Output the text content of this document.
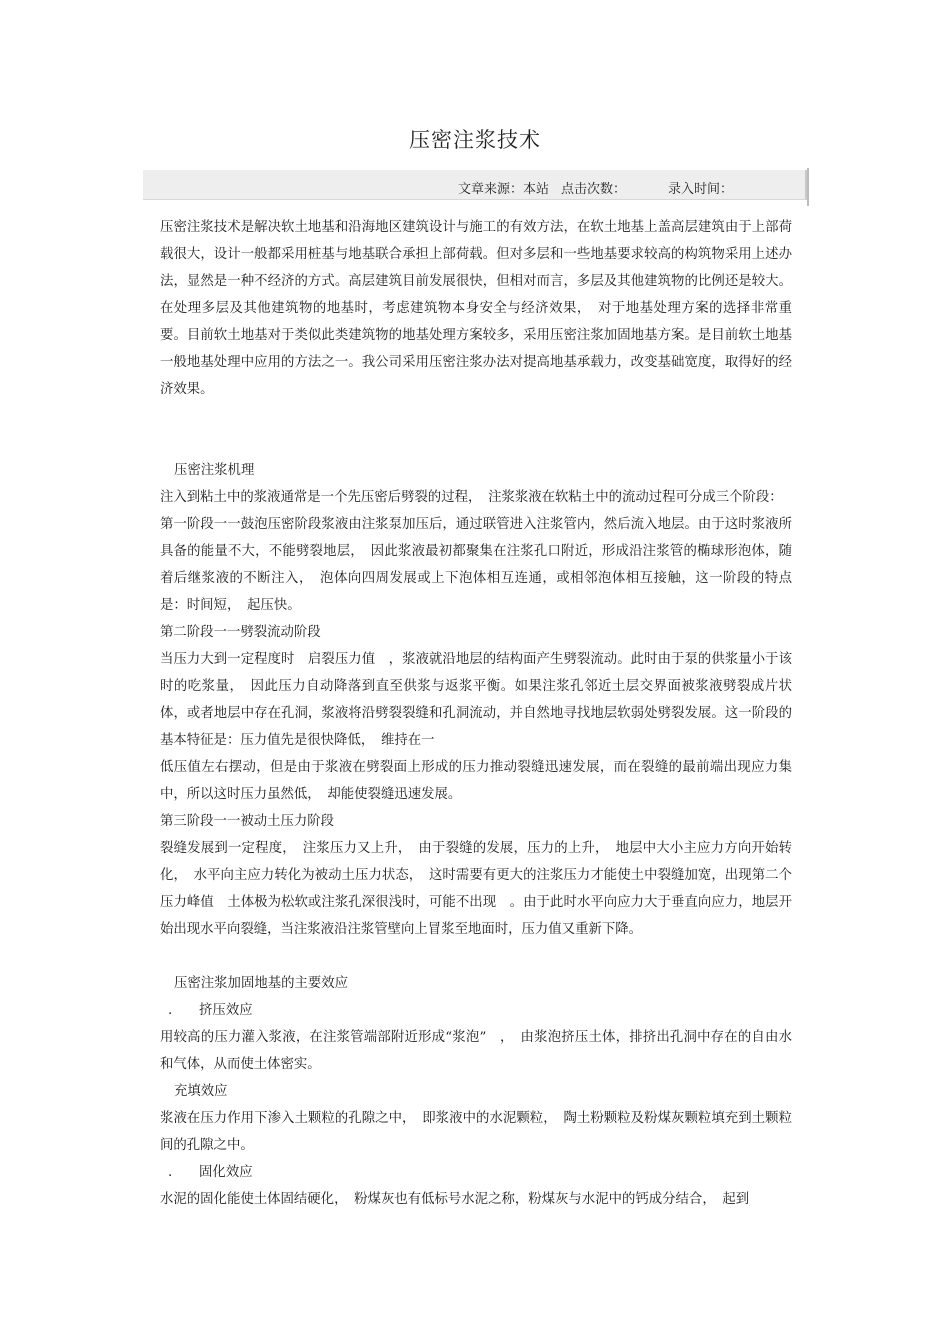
压密注浆技术
文章来源：本站 点击次数：	录入时间：

压密注浆技术是解决软土地基和沿海地区建筑设计与施工的有效方法，在软土地基上盖高层建筑由于上部荷载很大，设计一般都采用桩基与地基联合承担上部荷载。但对多层和一些地基要求较高的构筑物采用上述办法，显然是一种不经济的方式。高层建筑目前发展很快，但相对而言，多层及其他建筑物的比例还是较大。在处理多层及其他建筑物的地基时，考虑建筑物本身安全与经济效果，　对于地基处理方案的选择非常重要。目前软土地基对于类似此类建筑物的地基处理方案较多，采用压密注浆加固地基方案。是目前软土地基一般地基处理中应用的方法之一。我公司采用压密注浆办法对提高地基承载力，改变基础宽度，取得好的经济效果。

压密注浆机理

注入到粘土中的浆液通常是一个先压密后劈裂的过程，　注浆浆液在软粘土中的流动过程可分成三个阶段：

第一阶段一一鼓泡压密阶段浆液由注浆泵加压后，通过联管进入注浆管内，然后流入地层。由于这时浆液所具备的能量不大，不能劈裂地层，　因此浆液最初都聚集在注浆孔口附近，形成沿注浆管的椭球形泡体，随着后继浆液的不断注入，　泡体向四周发展或上下泡体相互连通，或相邻泡体相互接触，这一阶段的特点是：时间短，　起压快。

第二阶段一一劈裂流动阶段

当压力大到一定程度时　启裂压力值　，浆液就沿地层的结构面产生劈裂流动。此时由于泵的供浆量小于该时的吃浆量，　因此压力自动降落到直至供浆与返浆平衡。如果注浆孔邻近土层交界面被浆液劈裂成片状体，或者地层中存在孔洞，浆液将沿劈裂裂缝和孔洞流动，并自然地寻找地层软弱处劈裂发展。这一阶段的基本特征是：压力值先是很快降低，　维持在一

低压值左右摆动，但是由于浆液在劈裂面上形成的压力推动裂缝迅速发展，而在裂缝的最前端出现应力集中，所以这时压力虽然低，　却能使裂缝迅速发展。

第三阶段一一被动土压力阶段

裂缝发展到一定程度，　注浆压力又上升，　由于裂缝的发展，压力的上升，　地层中大小主应力方向开始转化，　水平向主应力转化为被动土压力状态，　这时需要有更大的注浆压力才能使土中裂缝加宽，出现第二个压力峰值　土体极为松软或注浆孔深很浅时，可能不出现　。由于此时水平向应力大于垂直向应力，地层开始出现水平向裂缝，当注浆液沿注浆管壁向上冒浆至地面时，压力值又重新下降。

压密注浆加固地基的主要效应

.　　挤压效应

用较高的压力灌入浆液，在注浆管端部附近形成“浆泡”　，　由浆泡挤压土体，排挤出孔洞中存在的自由水和气体，从而使土体密实。

充填效应

浆液在压力作用下渗入土颗粒的孔隙之中，　即浆液中的水泥颗粒，　陶土粉颗粒及粉煤灰颗粒填充到土颗粒间的孔隙之中。

.　　固化效应

水泥的固化能使土体固结硬化，　粉煤灰也有低标号水泥之称，粉煤灰与水泥中的钙成分结合，　起到
